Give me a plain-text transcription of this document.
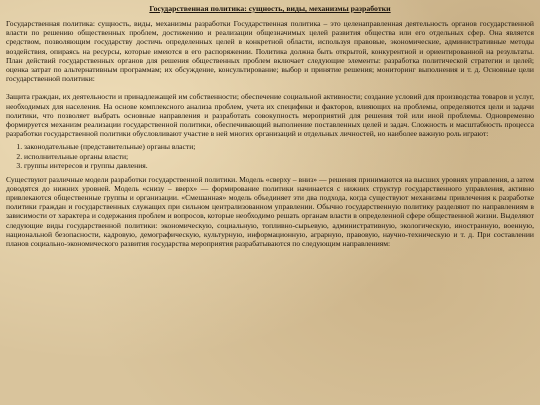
Государственная политика: сущность, виды, механизмы разработки

Государственная политика: сущность, виды, механизмы разработки Государственная политика – это целенаправленная деятельность органов государственной власти по решению общественных проблем, достижению и реализации общезначимых целей развития общества или его отдельных сфер. Она является средством, позволяющим государству достичь определенных целей в конкретной области, используя правовые, экономические, административные методы воздействия, опираясь на ресурсы, которые имеются в его распоряжении. Политика должна быть открытой, конкурентной и ориентированной на результаты. План действий государственных органов для решения общественных проблем включает следующие элементы: разработка политической стратегии и целей; оценка затрат по альтернативным программам; их обсуждение, консультирование; выбор и принятие решения; мониторинг выполнения и т. д. Основные цели государственной политики:

Защита граждан, их деятельности и принадлежащей им собственности; обеспечение социальной активности; создание условий для производства товаров и услуг, необходимых для населения. На основе комплексного анализа проблем, учета их специфики и факторов, влияющих на проблемы, определяются цели и задачи политики, что позволяет выбрать основные направления и разработать совокупность мероприятий для решения той или иной проблемы. Одновременно формируется механизм реализации государственной политики, обеспечивающий выполнение поставленных целей и задач. Сложность и масштабность процесса разработки государственной политики обусловливают участие в ней многих организаций и отдельных личностей, но наиболее важную роль играют:

1. законодательные (представительные) органы власти;
2. исполнительные органы власти;
3. группы интересов и группы давления.

Существуют различные модели разработки государственной политики. Модель «сверху – вниз» — решения принимаются на высших уровнях управления, а затем доводятся до нижних уровней. Модель «снизу – вверх» — формирование политики начинается с нижних структур государственного управления, активно привлекаются общественные группы и организации. «Смешанная» модель объединяет эти два подхода, когда существуют механизмы привлечения к разработке политики граждан и государственных служащих при сильном централизованном управлении. Обычно государственную политику разделяют по направлениям в зависимости от характера и содержания проблем и вопросов, которые необходимо решать органам власти в определенной сфере общественной жизни. Выделяют следующие виды государственной политики: экономическую, социальную, топливно-сырьевую, административную, экологическую, иностранную, военную, национальной безопасности, кадровую, демографическую, культурную, информационную, аграрную, правовую, научно-техническую и т. д. При составлении планов социально-экономического развития государства мероприятия разрабатываются по следующим направлениям:
